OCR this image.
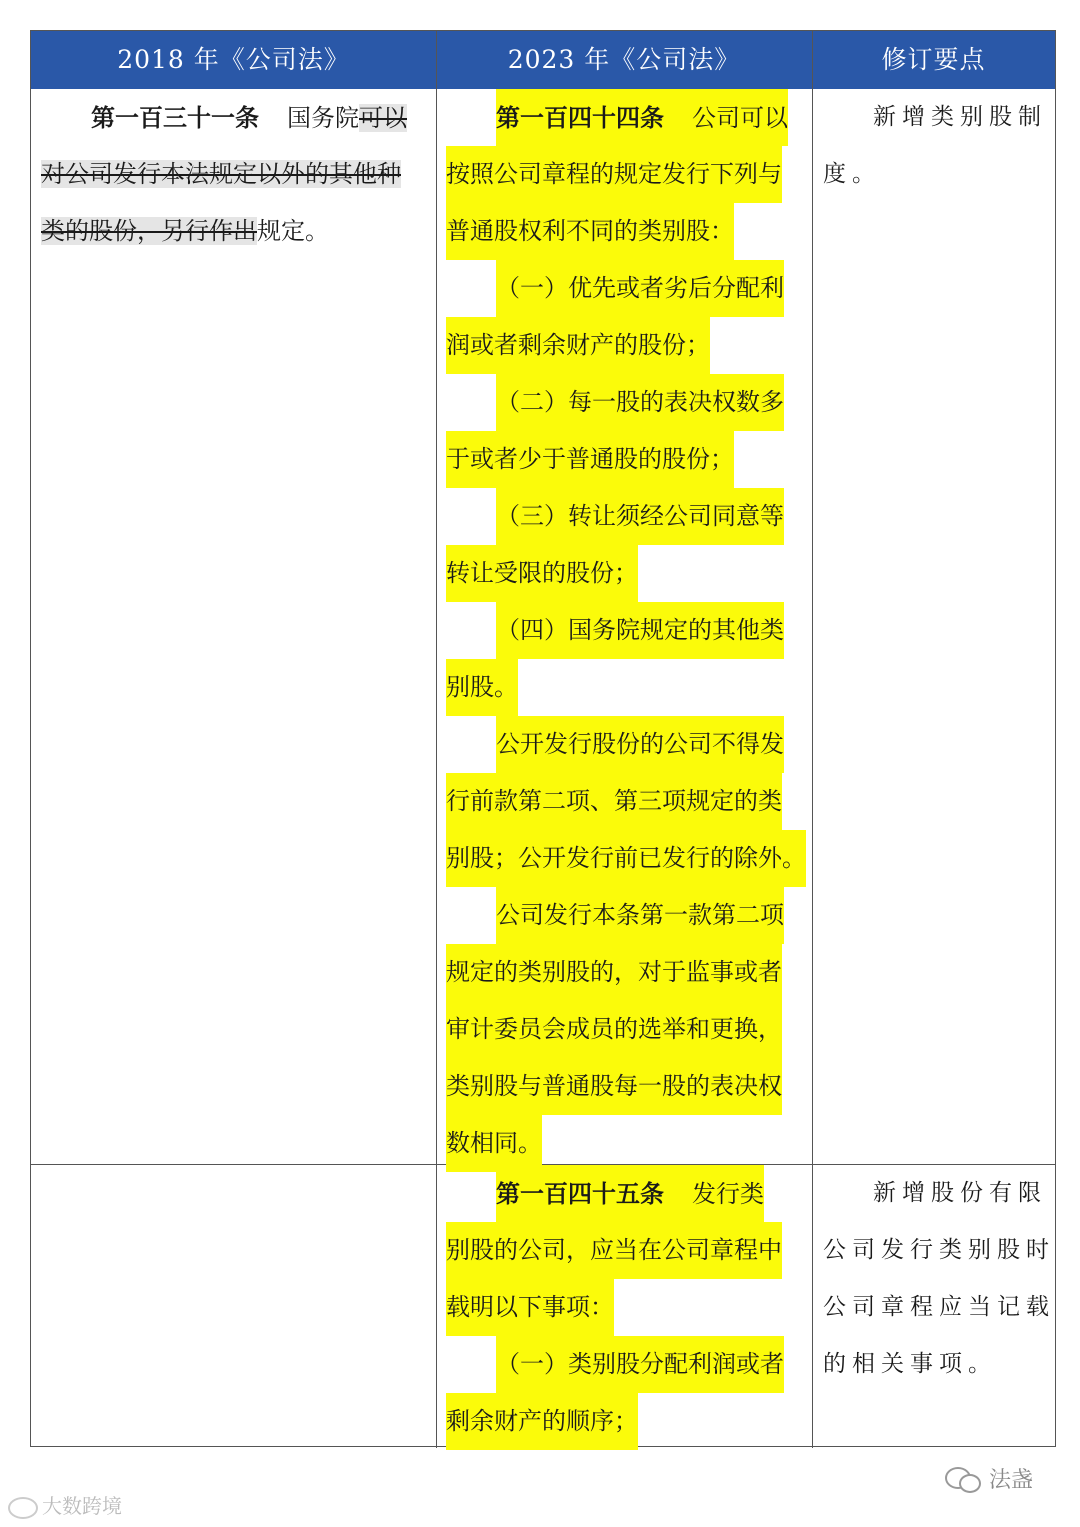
2018 年《公司法》	2023 年《公司法》	修订要点
第一百三十一条 国务院可以
对公司发行本法规定以外的其他种
类的股份，另行作出规定。
第一百四十四条 公司可以
按照公司章程的规定发行下列与
普通股权利不同的类别股：
（一）优先或者劣后分配利
润或者剩余财产的股份；
（二）每一股的表决权数多
于或者少于普通股的股份；
（三）转让须经公司同意等
转让受限的股份；
（四）国务院规定的其他类
别股。
公开发行股份的公司不得发
行前款第二项、第三项规定的类
别股；公开发行前已发行的除外。
公司发行本条第一款第二项
规定的类别股的，对于监事或者
审计委员会成员的选举和更换，
类别股与普通股每一股的表决权
数相同。
新增类别股制
度。
第一百四十五条 发行类
别股的公司，应当在公司章程中
载明以下事项：
（一）类别股分配利润或者
剩余财产的顺序；
新增股份有限
公司发行类别股时
公司章程应当记载
的相关事项。
法盏
大数跨境
